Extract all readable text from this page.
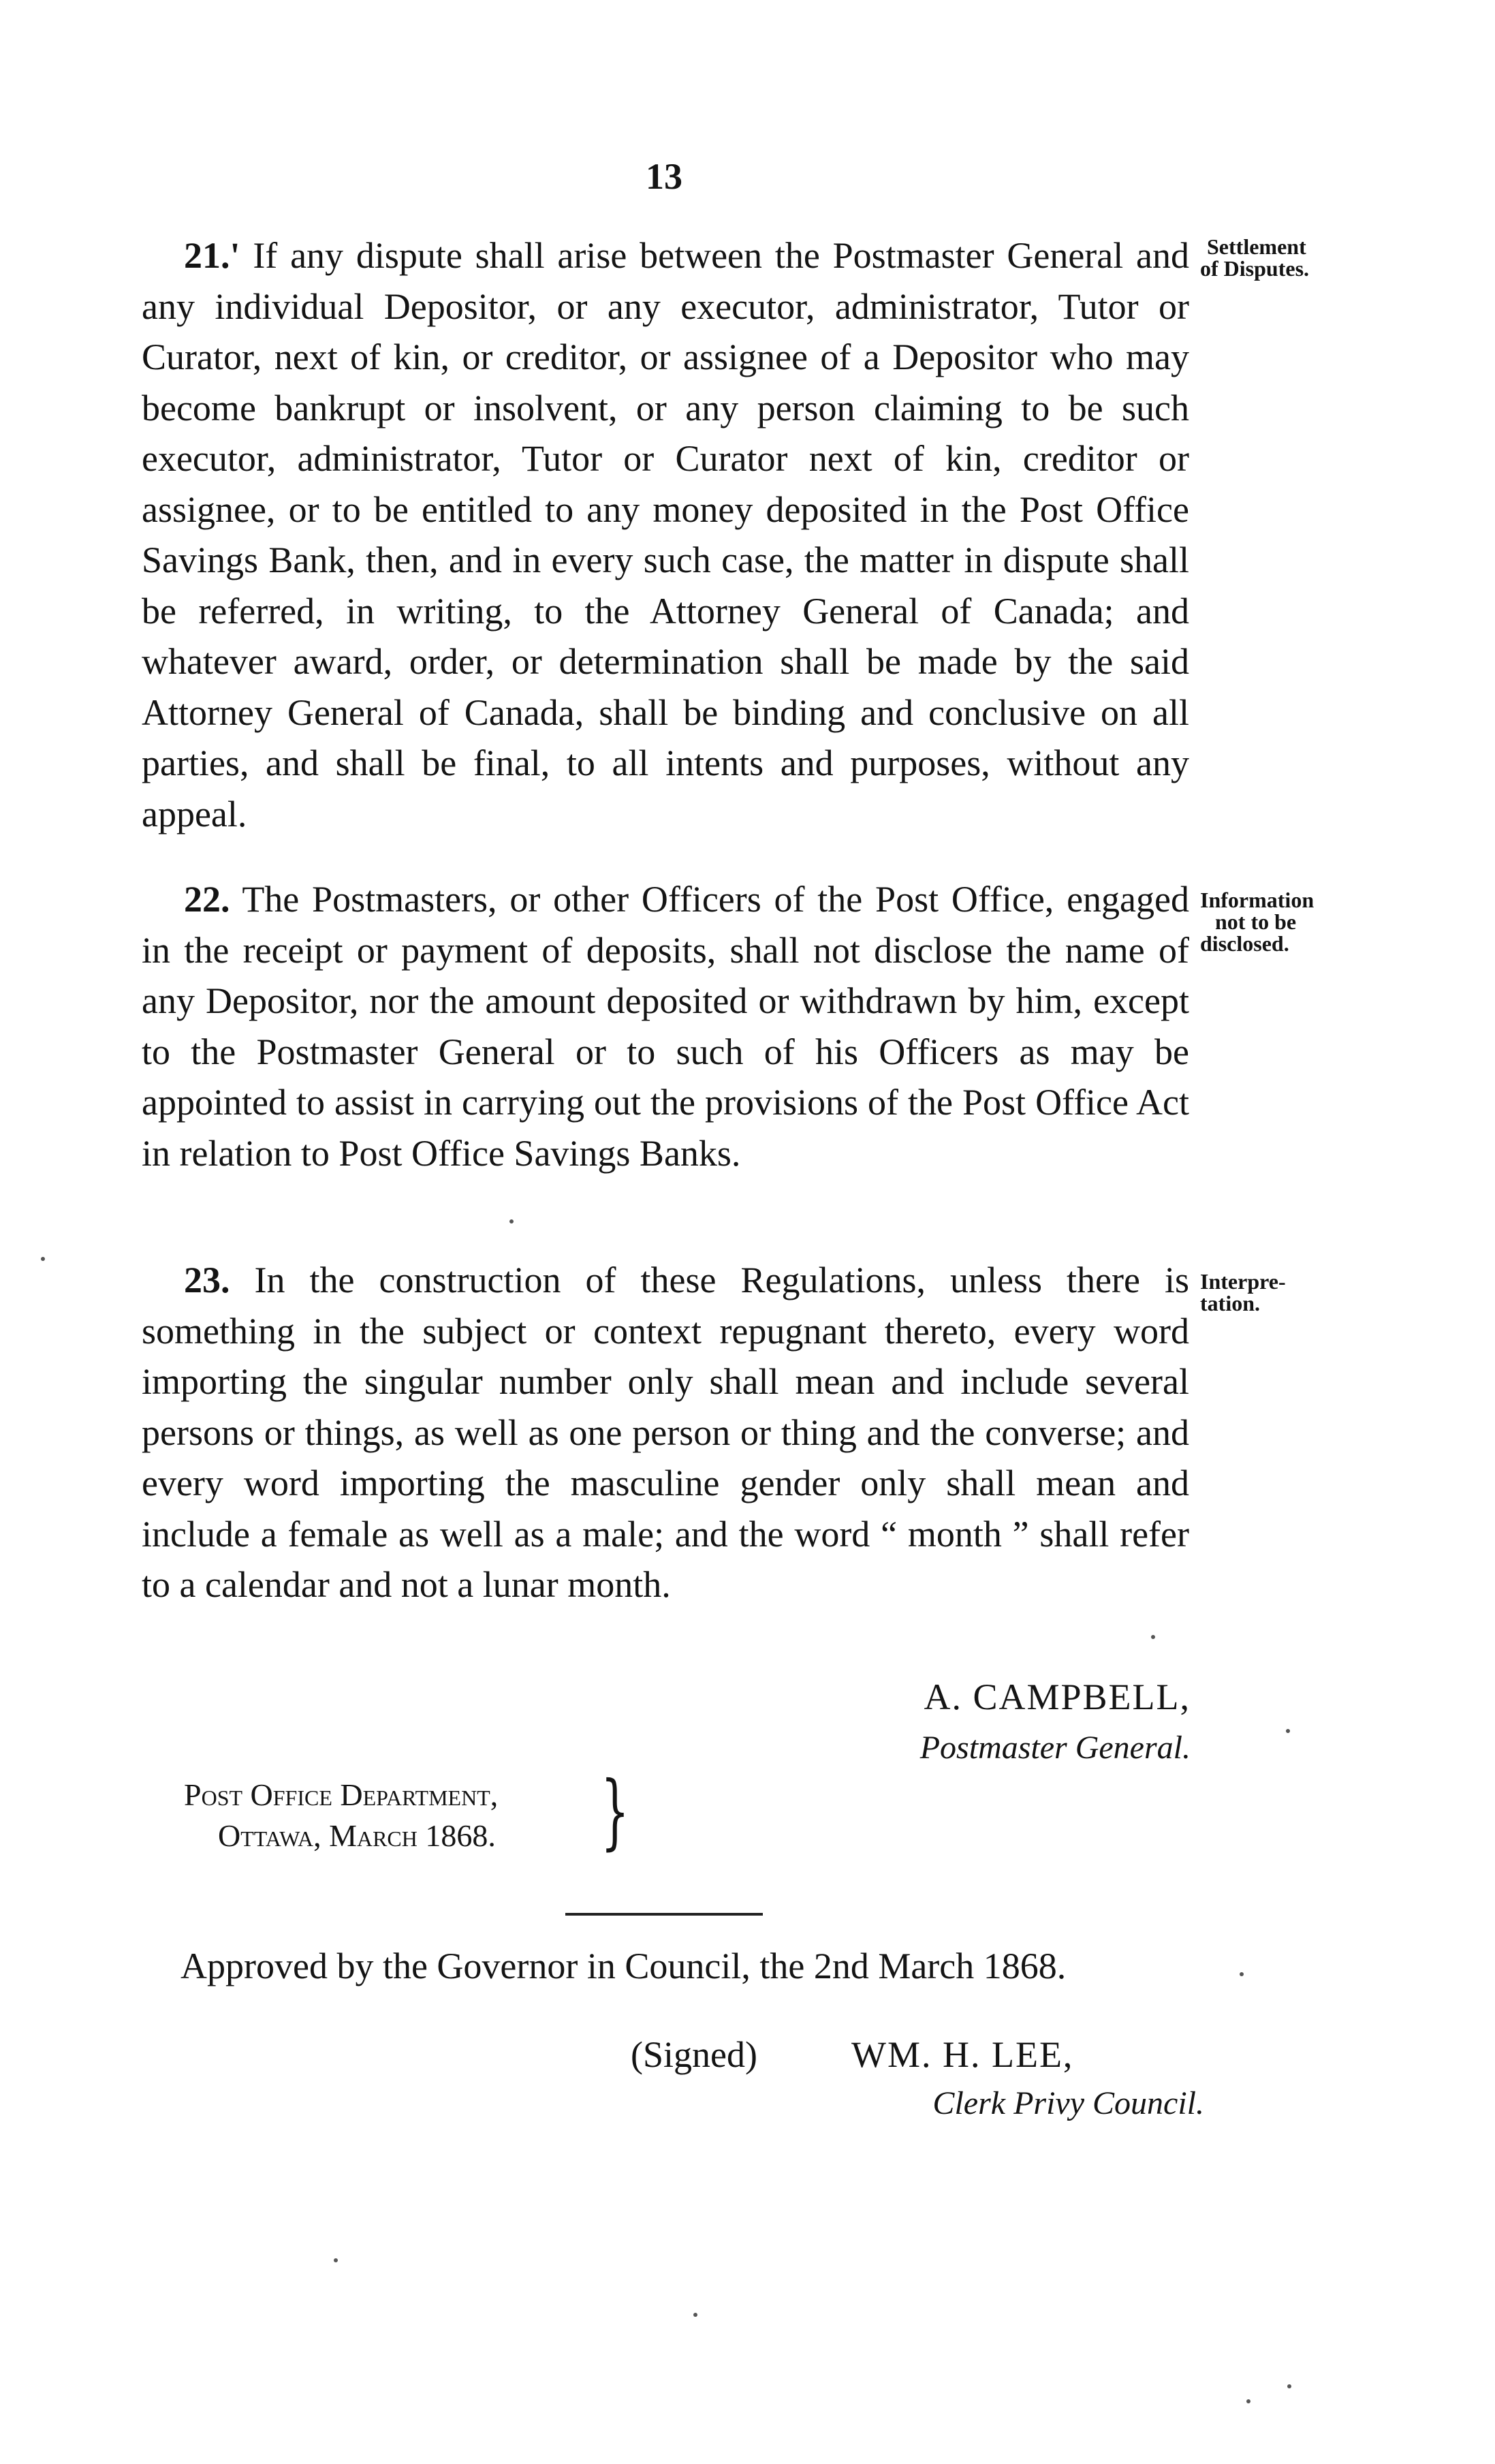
13

21.' If any dispute shall arise between the Postmaster General and any individual Depositor, or any executor, administrator, Tutor or Curator, next of kin, or creditor, or assignee of a Depositor who may become bankrupt or insolvent, or any person claiming to be such executor, administrator, Tutor or Curator next of kin, creditor or assignee, or to be entitled to any money deposited in the Post Office Savings Bank, then, and in every such case, the matter in dispute shall be referred, in writing, to the Attorney General of Canada; and whatever award, order, or determination shall be made by the said Attorney General of Canada, shall be binding and conclusive on all parties, and shall be final, to all intents and purposes, without any appeal.

Settlement
of Disputes.

22. The Postmasters, or other Officers of the Post Office, engaged in the receipt or payment of deposits, shall not disclose the name of any Depositor, nor the amount deposited or withdrawn by him, except to the Postmaster General or to such of his Officers as may be appointed to assist in carrying out the provisions of the Post Office Act in relation to Post Office Savings Banks.

Information
not to be
disclosed.

23. In the construction of these Regulations, unless there is something in the subject or context repugnant thereto, every word importing the singular number only shall mean and include several persons or things, as well as one person or thing and the converse; and every word importing the masculine gender only shall mean and include a female as well as a male; and the word “ month ” shall refer to a calendar and not a lunar month.

Interpre-
tation.
A. CAMPBELL,
Postmaster General.
Post Office Department,
Ottawa, March 1868. }
Approved by the Governor in Council, the 2nd March 1868.
(Signed)	WM. H. LEE,
Clerk Privy Council.
